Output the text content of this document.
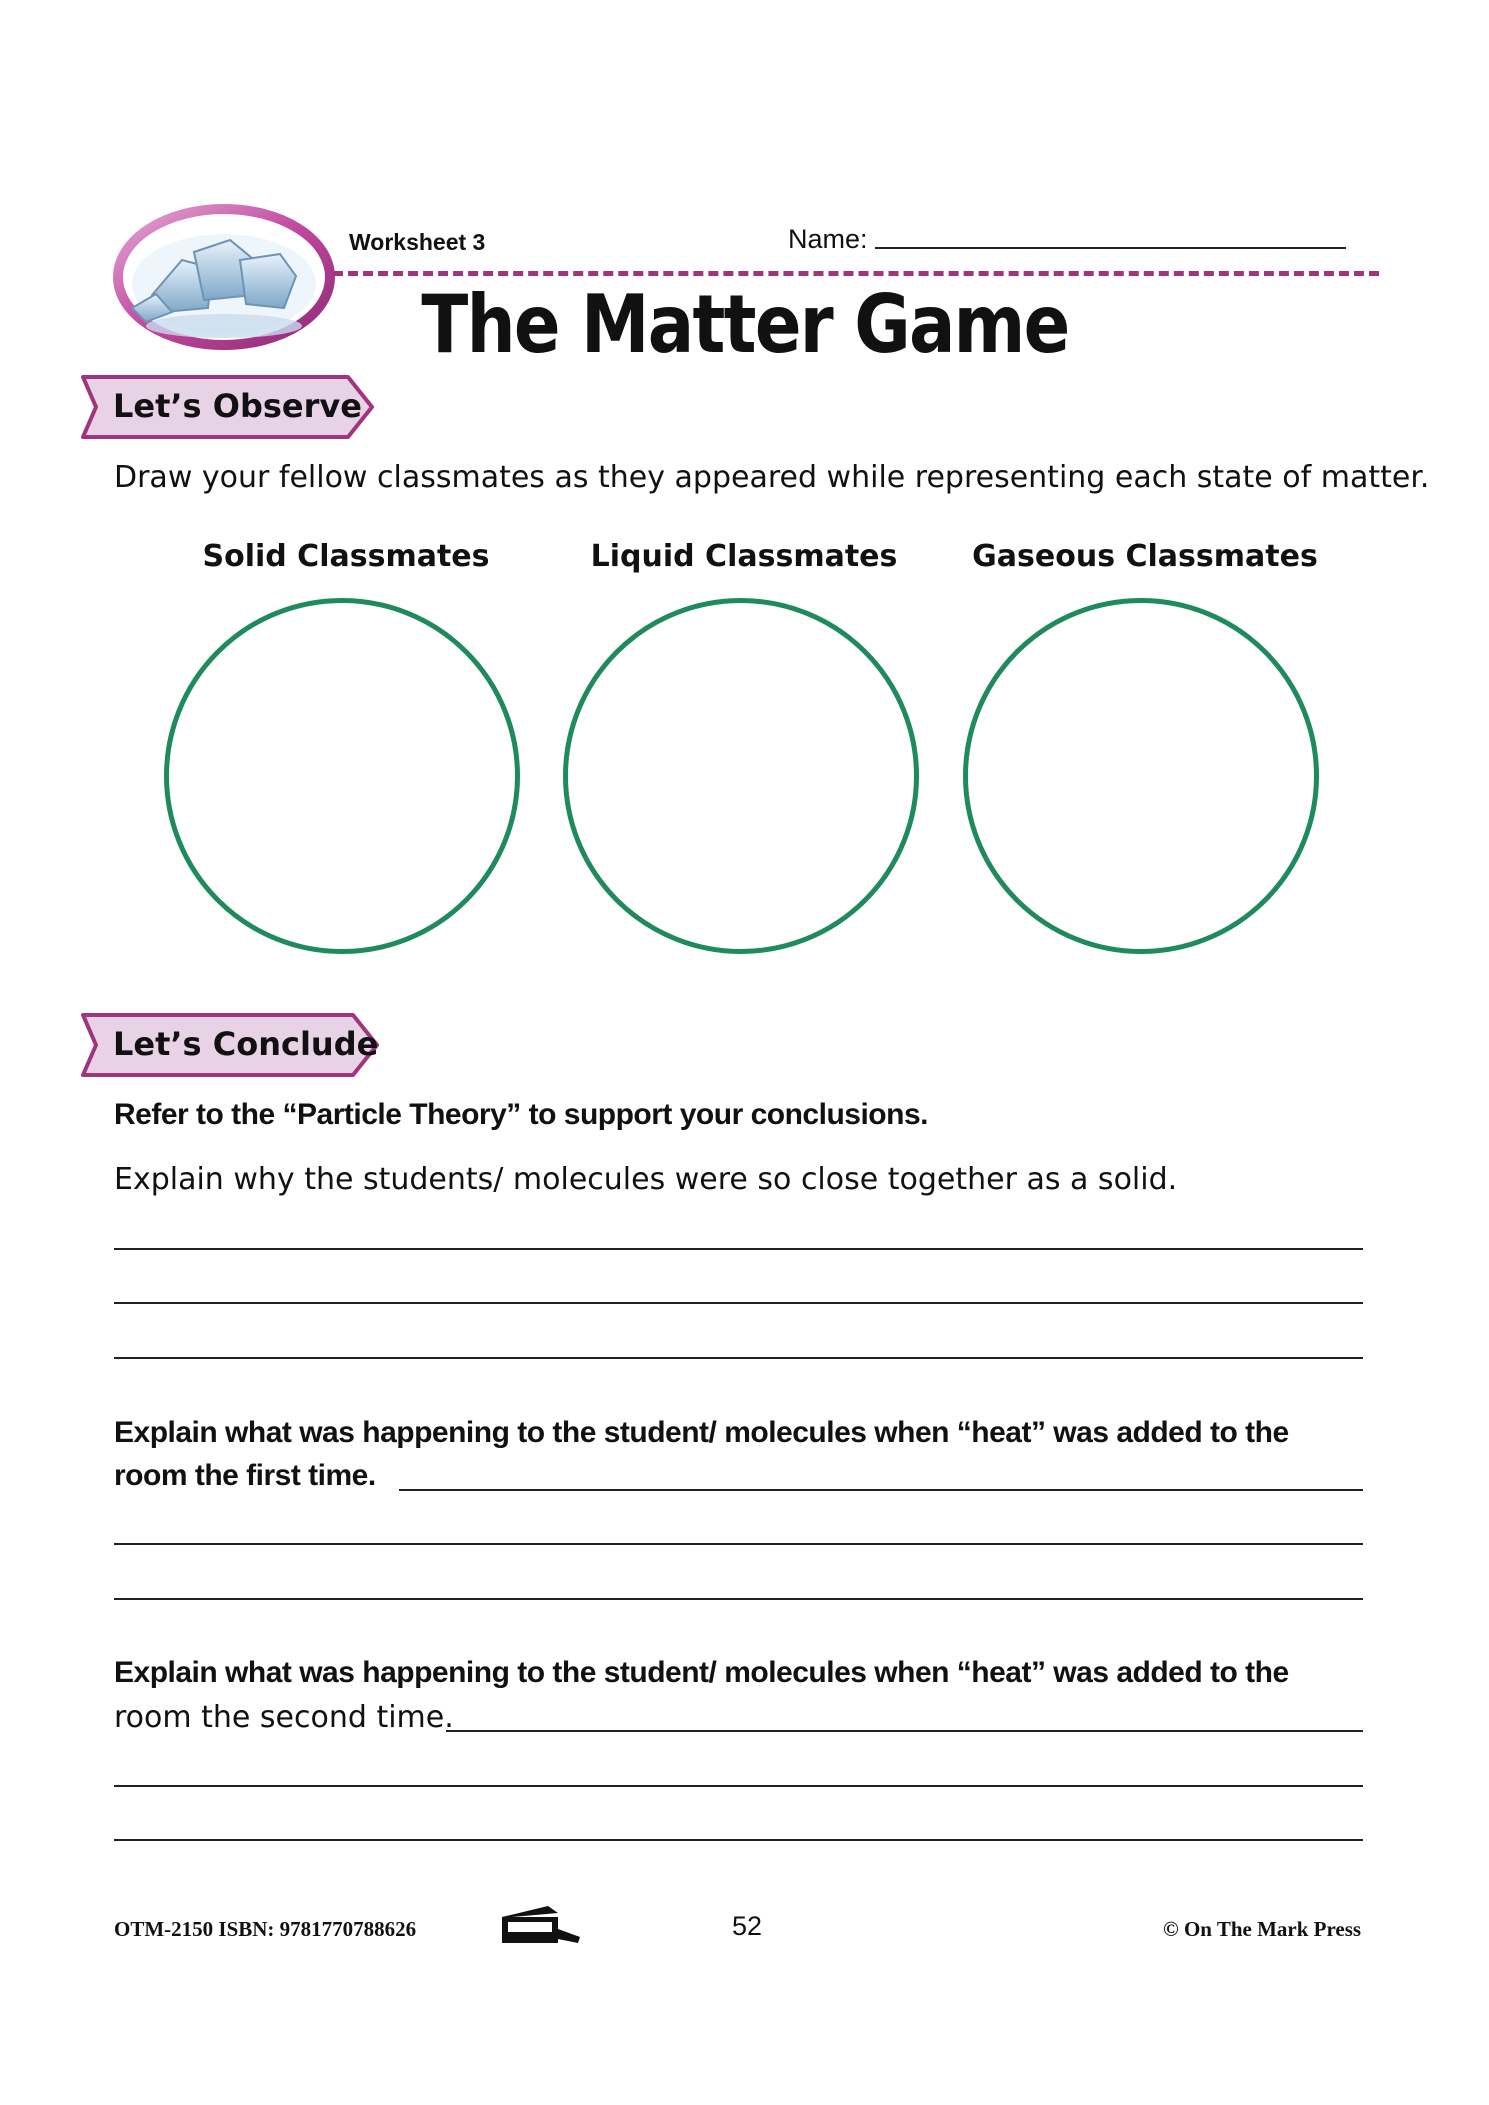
Worksheet 3	Name:
The Matter Game
Let’s Observe
Draw your fellow classmates as they appeared while representing each state of matter.
Solid Classmates	Liquid Classmates	Gaseous Classmates
Let’s Conclude
Refer to the “Particle Theory” to support your conclusions.
Explain why the students/ molecules were so close together as a solid.
Explain what was happening to the student/ molecules when “heat” was added to the
room the first time.
Explain what was happening to the student/ molecules when “heat” was added to the
room the second time.
OTM-2150 ISBN: 9781770788626	52	© On The Mark Press
